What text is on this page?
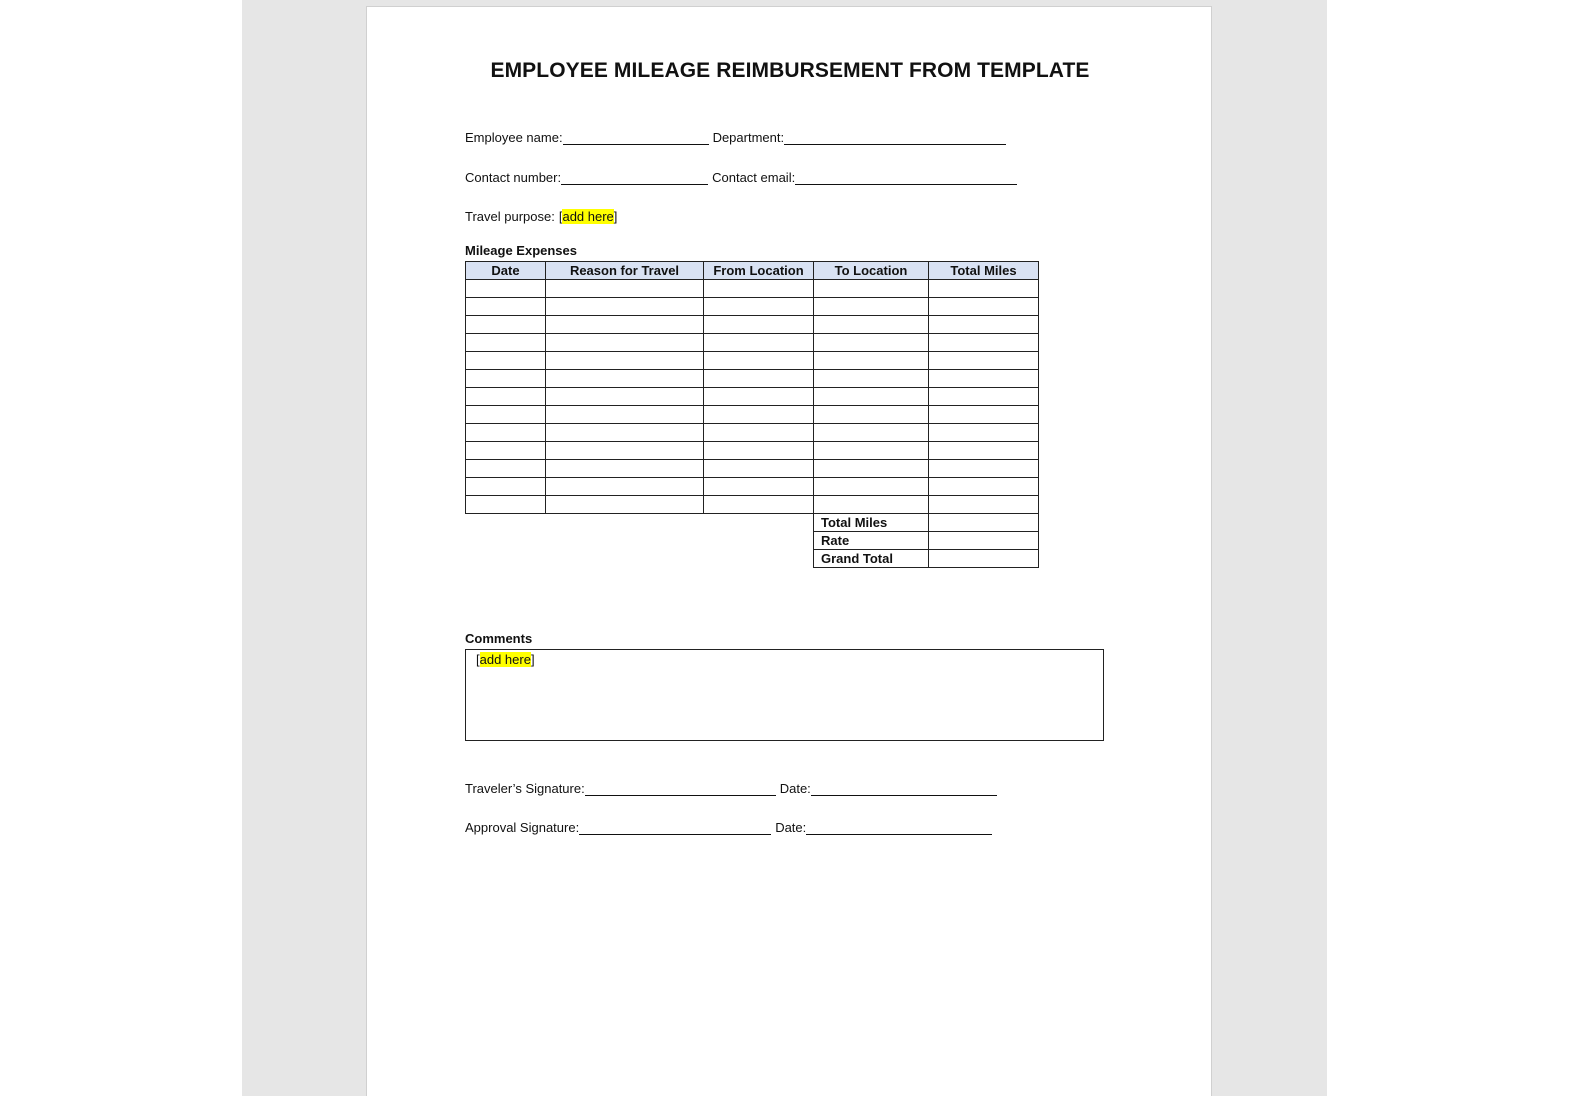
EMPLOYEE MILEAGE REIMBURSEMENT FROM TEMPLATE
Employee name:	Department:
Contact number:	Contact email:
Travel purpose: [ add here ]
Mileage Expenses
Date	Reason for Travel	From Location	To Location	Total Miles

			Total Miles	
			Rate	
			Grand Total	
Comments
[add here]
Traveler’s Signature:	Date:
Approval Signature:	Date:
